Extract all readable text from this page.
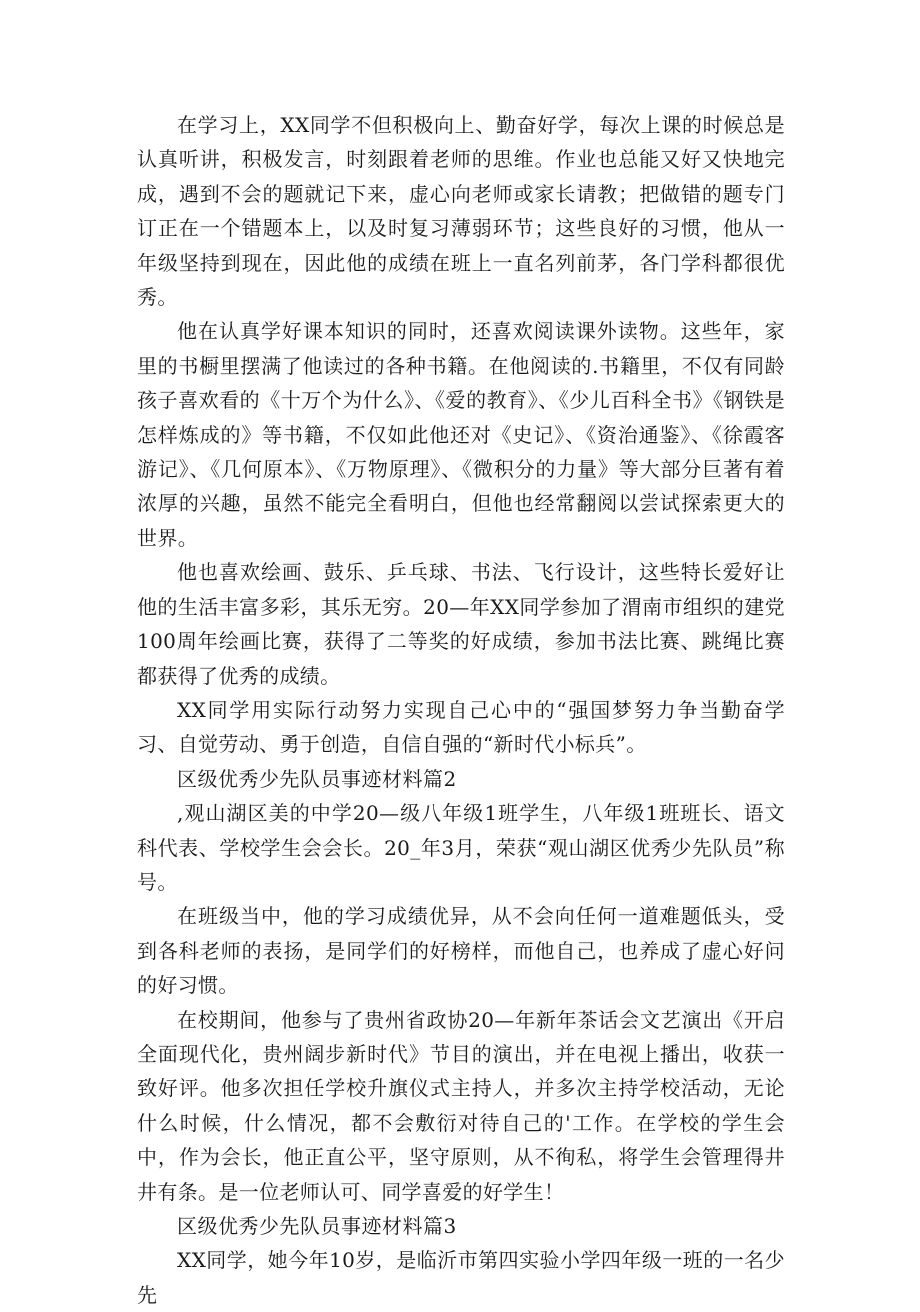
在学习上，XX同学不但积极向上、勤奋好学，每次上课的时候总是认真听讲，积极发言，时刻跟着老师的思维。作业也总能又好又快地完成，遇到不会的题就记下来，虚心向老师或家长请教；把做错的题专门订正在一个错题本上，以及时复习薄弱环节；这些良好的习惯，他从一年级坚持到现在，因此他的成绩在班上一直名列前茅，各门学科都很优秀。

他在认真学好课本知识的同时，还喜欢阅读课外读物。这些年，家里的书橱里摆满了他读过的各种书籍。在他阅读的.书籍里，不仅有同龄孩子喜欢看的《十万个为什么》、《爱的教育》、《少儿百科全书》《钢铁是怎样炼成的》等书籍，不仅如此他还对《史记》、《资治通鉴》、《徐霞客游记》、《几何原本》、《万物原理》、《微积分的力量》等大部分巨著有着浓厚的兴趣，虽然不能完全看明白，但他也经常翻阅以尝试探索更大的世界。

他也喜欢绘画、鼓乐、乒乓球、书法、飞行设计，这些特长爱好让他的生活丰富多彩，其乐无穷。20—年XX同学参加了渭南市组织的建党100周年绘画比赛，获得了二等奖的好成绩，参加书法比赛、跳绳比赛都获得了优秀的成绩。

XX同学用实际行动努力实现自己心中的“强国梦努力争当勤奋学习、自觉劳动、勇于创造，自信自强的“新时代小标兵”。

区级优秀少先队员事迹材料篇2

,观山湖区美的中学20—级八年级1班学生，八年级1班班长、语文科代表、学校学生会会长。20_年3月，荣获“观山湖区优秀少先队员”称号。

在班级当中，他的学习成绩优异，从不会向任何一道难题低头，受到各科老师的表扬，是同学们的好榜样，而他自己，也养成了虚心好问的好习惯。

在校期间，他参与了贵州省政协20—年新年茶话会文艺演出《开启全面现代化，贵州阔步新时代》节目的演出，并在电视上播出，收获一致好评。他多次担任学校升旗仪式主持人，并多次主持学校活动，无论什么时候，什么情况，都不会敷衍对待自己的'工作。在学校的学生会中，作为会长，他正直公平，坚守原则，从不徇私，将学生会管理得井井有条。是一位老师认可、同学喜爱的好学生！

区级优秀少先队员事迹材料篇3

XX同学，她今年10岁，是临沂市第四实验小学四年级一班的一名少先
